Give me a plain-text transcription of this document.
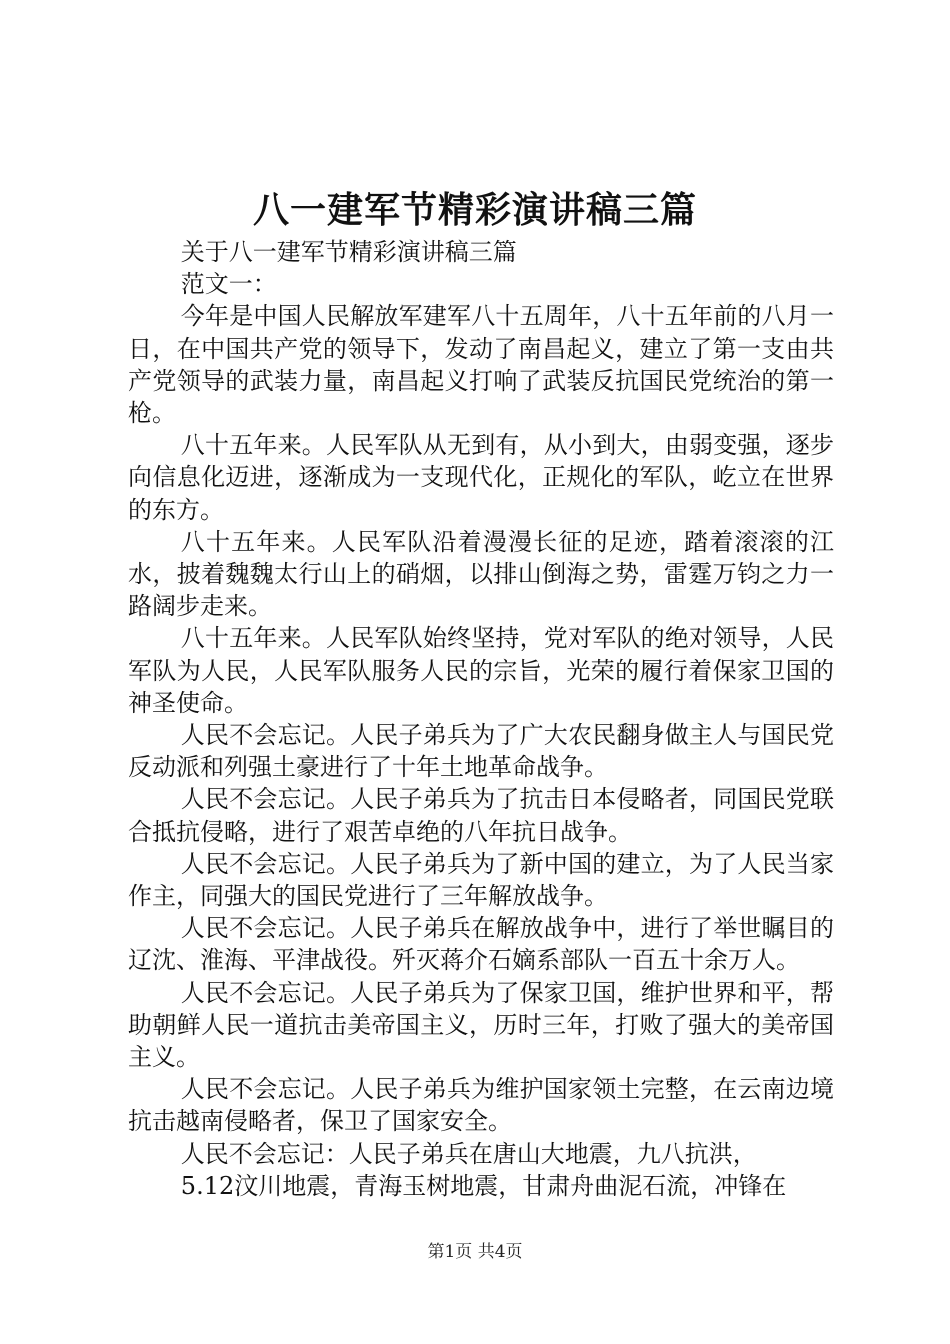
八一建军节精彩演讲稿三篇

关于八一建军节精彩演讲稿三篇

范文一：

今年是中国人民解放军建军八十五周年，八十五年前的八月一日，在中国共产党的领导下，发动了南昌起义，建立了第一支由共产党领导的武装力量，南昌起义打响了武装反抗国民党统治的第一枪。

八十五年来。人民军队从无到有，从小到大，由弱变强，逐步向信息化迈进，逐渐成为一支现代化，正规化的军队，屹立在世界的东方。

八十五年来。人民军队沿着漫漫长征的足迹，踏着滚滚的江水，披着魏魏太行山上的硝烟，以排山倒海之势，雷霆万钧之力一路阔步走来。

八十五年来。人民军队始终坚持，党对军队的绝对领导，人民军队为人民，人民军队服务人民的宗旨，光荣的履行着保家卫国的神圣使命。

人民不会忘记。人民子弟兵为了广大农民翻身做主人与国民党反动派和列强土豪进行了十年土地革命战争。

人民不会忘记。人民子弟兵为了抗击日本侵略者，同国民党联合抵抗侵略，进行了艰苦卓绝的八年抗日战争。

人民不会忘记。人民子弟兵为了新中国的建立，为了人民当家作主，同强大的国民党进行了三年解放战争。

人民不会忘记。人民子弟兵在解放战争中，进行了举世瞩目的辽沈、淮海、平津战役。歼灭蒋介石嫡系部队一百五十余万人。

人民不会忘记。人民子弟兵为了保家卫国，维护世界和平，帮助朝鲜人民一道抗击美帝国主义，历时三年，打败了强大的美帝国主义。

人民不会忘记。人民子弟兵为维护国家领土完整，在云南边境抗击越南侵略者，保卫了国家安全。

人民不会忘记：人民子弟兵在唐山大地震，九八抗洪，

5.12汶川地震，青海玉树地震，甘肃舟曲泥石流，冲锋在

第1页 共4页
